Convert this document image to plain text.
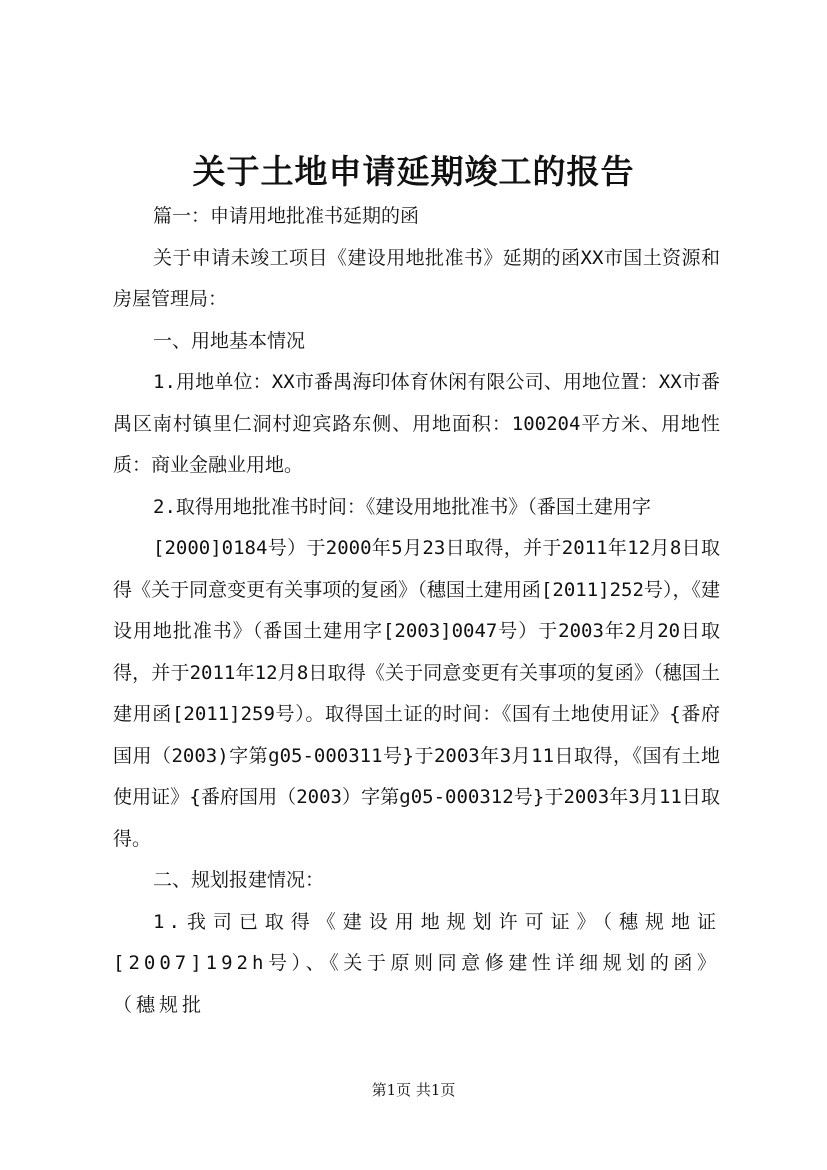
关于土地申请延期竣工的报告

篇一：申请用地批准书延期的函

关于申请未竣工项目《建设用地批准书》延期的函XX市国土资源和房屋管理局：

一、用地基本情况

1.用地单位：XX市番禺海印体育休闲有限公司、用地位置：XX市番禺区南村镇里仁洞村迎宾路东侧、用地面积：100204平方米、用地性质：商业金融业用地。

2.取得用地批准书时间：《建设用地批准书》（番国土建用字

[2000]0184号）于2000年5月23日取得，并于2011年12月8日取得《关于同意变更有关事项的复函》（穗国土建用函[2011]252号），《建设用地批准书》（番国土建用字[2003]0047号）于2003年2月20日取得，并于2011年12月8日取得《关于同意变更有关事项的复函》（穗国土建用函[2011]259号）。取得国土证的时间：《国有土地使用证》{番府国用（2003)字第g05-000311号}于2003年3月11日取得，《国有土地使用证》{番府国用（2003）字第g05-000312号}于2003年3月11日取得。

二、规划报建情况：

1.我司已取得《建设用地规划许可证》（穗规地证[2007]192h号）、《关于原则同意修建性详细规划的函》（穗规批

第1页 共1页
